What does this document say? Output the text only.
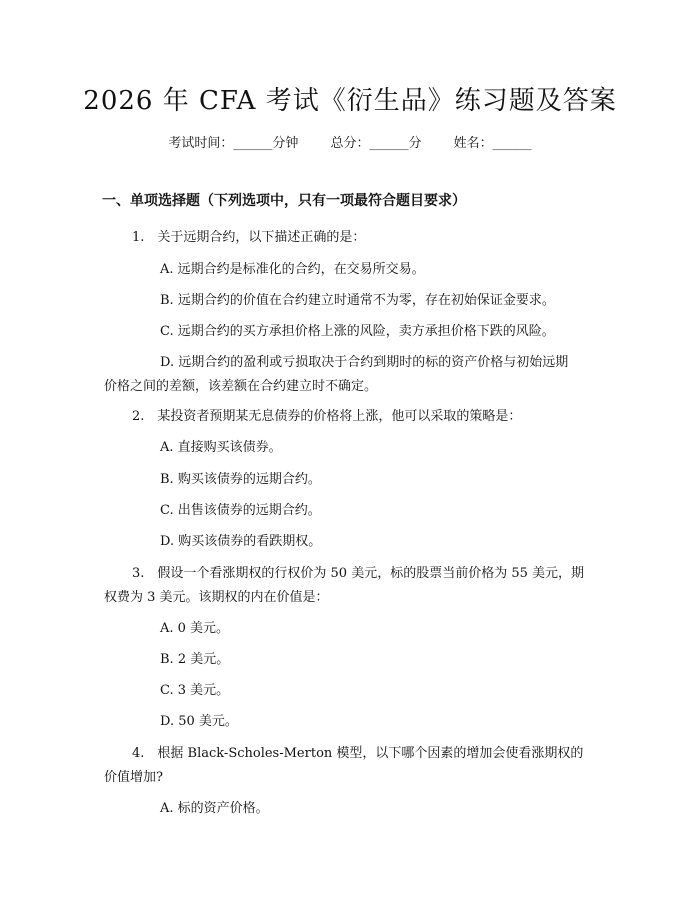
2026 年 CFA 考试《衍生品》练习题及答案
考试时间：______分钟 总分：______分 姓名：______
一、单项选择题（下列选项中，只有一项最符合题目要求）
1.　关于远期合约，以下描述正确的是：
A. 远期合约是标准化的合约，在交易所交易。
B. 远期合约的价值在合约建立时通常不为零，存在初始保证金要求。
C. 远期合约的买方承担价格上涨的风险，卖方承担价格下跌的风险。
D. 远期合约的盈利或亏损取决于合约到期时的标的资产价格与初始远期
价格之间的差额，该差额在合约建立时不确定。
2.　某投资者预期某无息债券的价格将上涨，他可以采取的策略是：
A. 直接购买该债券。
B. 购买该债券的远期合约。
C. 出售该债券的远期合约。
D. 购买该债券的看跌期权。
3.　假设一个看涨期权的行权价为 50 美元，标的股票当前价格为 55 美元，期
权费为 3 美元。该期权的内在价值是：
A. 0 美元。
B. 2 美元。
C. 3 美元。
D. 50 美元。
4.　根据 Black-Scholes-Merton 模型，以下哪个因素的增加会使看涨期权的
价值增加?
A. 标的资产价格。
